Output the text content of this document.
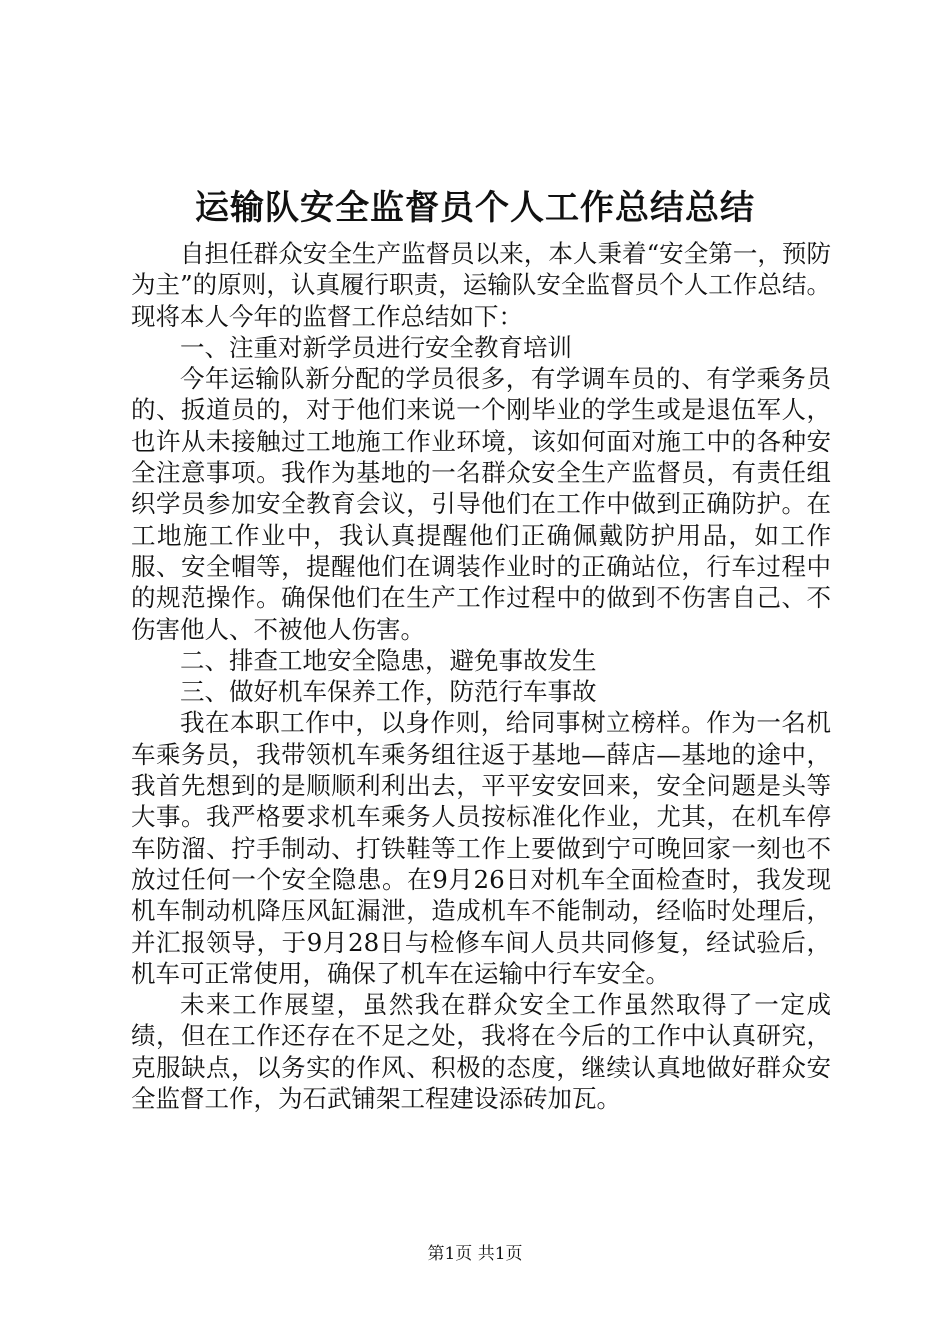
运输队安全监督员个人工作总结总结

自担任群众安全生产监督员以来，本人秉着“安全第一，预防为主”的原则，认真履行职责，运输队安全监督员个人工作总结。现将本人今年的监督工作总结如下：

一、注重对新学员进行安全教育培训

今年运输队新分配的学员很多，有学调车员的、有学乘务员的、扳道员的，对于他们来说一个刚毕业的学生或是退伍军人，也许从未接触过工地施工作业环境，该如何面对施工中的各种安全注意事项。我作为基地的一名群众安全生产监督员，有责任组织学员参加安全教育会议，引导他们在工作中做到正确防护。在工地施工作业中，我认真提醒他们正确佩戴防护用品，如工作服、安全帽等，提醒他们在调装作业时的正确站位，行车过程中的规范操作。确保他们在生产工作过程中的做到不伤害自己、不伤害他人、不被他人伤害。

二、排查工地安全隐患，避免事故发生

三、做好机车保养工作，防范行车事故

我在本职工作中，以身作则，给同事树立榜样。作为一名机车乘务员，我带领机车乘务组往返于基地—薛店—基地的途中，我首先想到的是顺顺利利出去，平平安安回来，安全问题是头等大事。我严格要求机车乘务人员按标准化作业，尤其，在机车停车防溜、拧手制动、打铁鞋等工作上要做到宁可晚回家一刻也不放过任何一个安全隐患。在9月26日对机车全面检查时，我发现机车制动机降压风缸漏泄，造成机车不能制动，经临时处理后，并汇报领导，于9月28日与检修车间人员共同修复，经试验后，机车可正常使用，确保了机车在运输中行车安全。

未来工作展望，虽然我在群众安全工作虽然取得了一定成绩，但在工作还存在不足之处，我将在今后的工作中认真研究，克服缺点，以务实的作风、积极的态度，继续认真地做好群众安全监督工作，为石武铺架工程建设添砖加瓦。

第1页 共1页
